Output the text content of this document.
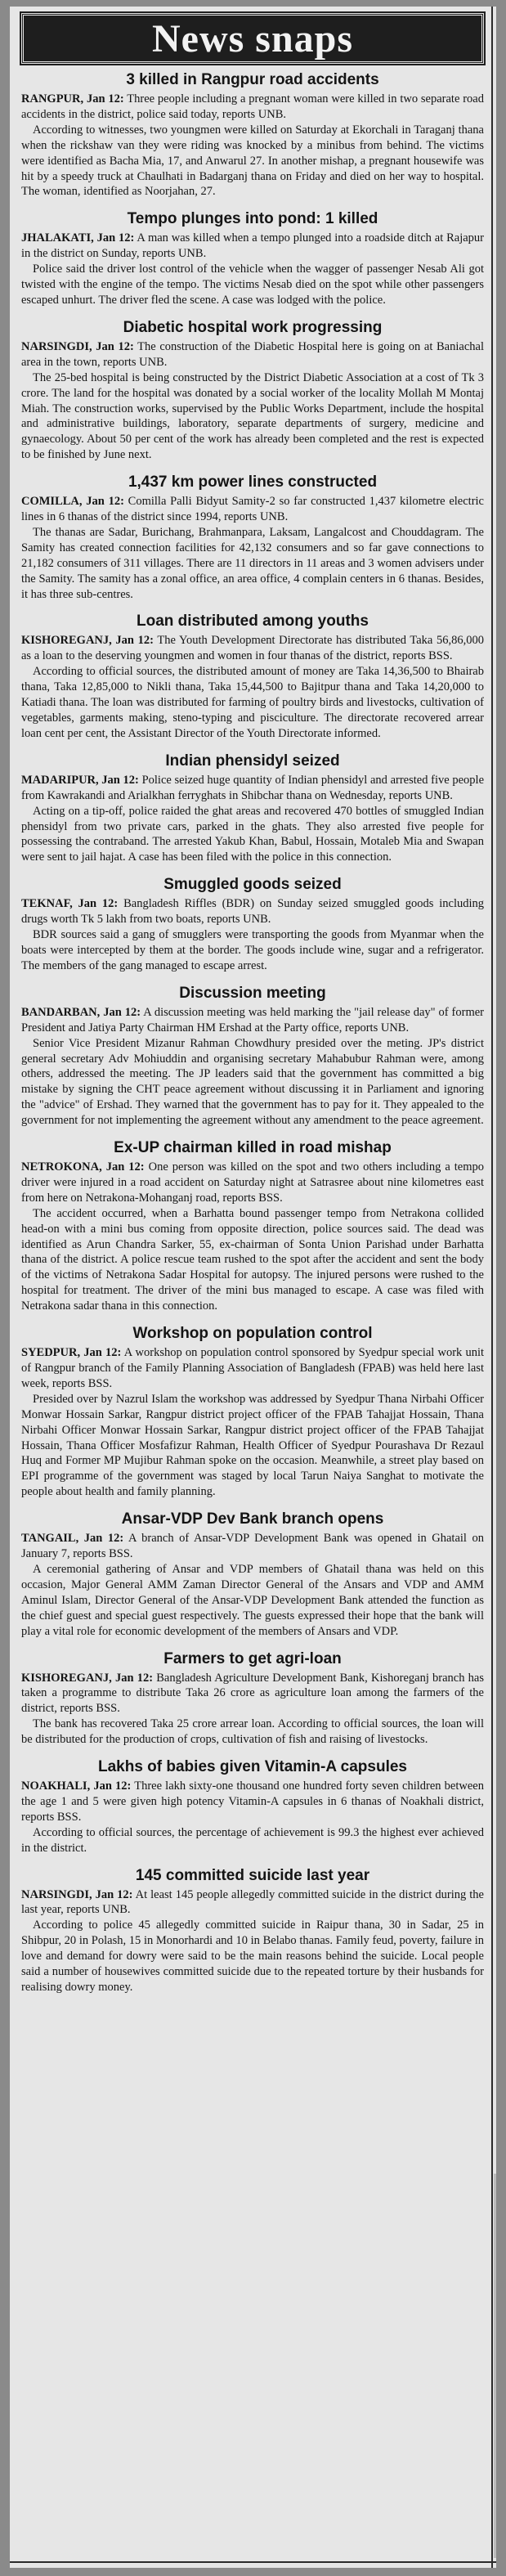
News snaps
3 killed in Rangpur road accidents

RANGPUR, Jan 12: Three people including a pregnant woman were killed in two separate road accidents in the district, police said today, reports UNB.

According to witnesses, two youngmen were killed on Saturday at Ekorchali in Taraganj thana when the rickshaw van they were riding was knocked by a minibus from behind. The victims were identified as Bacha Mia, 17, and Anwarul 27. In another mishap, a pregnant housewife was hit by a speedy truck at Chaulhati in Badarganj thana on Friday and died on her way to hospital. The woman, identified as Noorjahan, 27.

Tempo plunges into pond: 1 killed

JHALAKATI, Jan 12: A man was killed when a tempo plunged into a roadside ditch at Rajapur in the district on Sunday, reports UNB.

Police said the driver lost control of the vehicle when the wagger of passenger Nesab Ali got twisted with the engine of the tempo. The victims Nesab died on the spot while other passengers escaped unhurt. The driver fled the scene. A case was lodged with the police.

Diabetic hospital work progressing

NARSINGDI, Jan 12: The construction of the Diabetic Hospital here is going on at Baniachal area in the town, reports UNB.

The 25-bed hospital is being constructed by the District Diabetic Association at a cost of Tk 3 crore. The land for the hospital was donated by a social worker of the locality Mollah M Montaj Miah. The construction works, supervised by the Public Works Department, include the hospital and administrative buildings, laboratory, separate departments of surgery, medicine and gynaecology. About 50 per cent of the work has already been completed and the rest is expected to be finished by June next.

1,437 km power lines constructed

COMILLA, Jan 12: Comilla Palli Bidyut Samity-2 so far constructed 1,437 kilometre electric lines in 6 thanas of the district since 1994, reports UNB.

The thanas are Sadar, Burichang, Brahmanpara, Laksam, Langalcost and Chouddagram. The Samity has created connection facilities for 42,132 consumers and so far gave connections to 21,182 consumers of 311 villages. There are 11 directors in 11 areas and 3 women advisers under the Samity. The samity has a zonal office, an area office, 4 complain centers in 6 thanas. Besides, it has three sub-centres.

Loan distributed among youths

KISHOREGANJ, Jan 12: The Youth Development Directorate has distributed Taka 56,86,000 as a loan to the deserving youngmen and women in four thanas of the district, reports BSS.

According to official sources, the distributed amount of money are Taka 14,36,500 to Bhairab thana, Taka 12,85,000 to Nikli thana, Taka 15,44,500 to Bajitpur thana and Taka 14,20,000 to Katiadi thana. The loan was distributed for farming of poultry birds and livestocks, cultivation of vegetables, garments making, steno-typing and pisciculture. The directorate recovered arrear loan cent per cent, the Assistant Director of the Youth Directorate informed.

Indian phensidyl seized

MADARIPUR, Jan 12: Police seized huge quantity of Indian phensidyl and arrested five people from Kawrakandi and Arialkhan ferryghats in Shibchar thana on Wednesday, reports UNB.

Acting on a tip-off, police raided the ghat areas and recovered 470 bottles of smuggled Indian phensidyl from two private cars, parked in the ghats. They also arrested five people for possessing the contraband. The arrested Yakub Khan, Babul, Hossain, Motaleb Mia and Swapan were sent to jail hajat. A case has been filed with the police in this connection.

Smuggled goods seized

TEKNAF, Jan 12: Bangladesh Riffles (BDR) on Sunday seized smuggled goods including drugs worth Tk 5 lakh from two boats, reports UNB.

BDR sources said a gang of smugglers were transporting the goods from Myanmar when the boats were intercepted by them at the border. The goods include wine, sugar and a refrigerator. The members of the gang managed to escape arrest.

Discussion meeting

BANDARBAN, Jan 12: A discussion meeting was held marking the "jail release day" of former President and Jatiya Party Chairman HM Ershad at the Party office, reports UNB.

Senior Vice President Mizanur Rahman Chowdhury presided over the meting. JP's district general secretary Adv Mohiuddin and organising secretary Mahabubur Rahman were, among others, addressed the meeting. The JP leaders said that the government has committed a big mistake by signing the CHT peace agreement without discussing it in Parliament and ignoring the "advice" of Ershad. They warned that the government has to pay for it. They appealed to the government for not implementing the agreement without any amendment to the peace agreement.

Ex-UP chairman killed in road mishap

NETROKONA, Jan 12: One person was killed on the spot and two others including a tempo driver were injured in a road accident on Saturday night at Satrasree about nine kilometres east from here on Netrakona-Mohanganj road, reports BSS.

The accident occurred, when a Barhatta bound passenger tempo from Netrakona collided head-on with a mini bus coming from opposite direction, police sources said. The dead was identified as Arun Chandra Sarker, 55, ex-chairman of Sonta Union Parishad under Barhatta thana of the district. A police rescue team rushed to the spot after the accident and sent the body of the victims of Netrakona Sadar Hospital for autopsy. The injured persons were rushed to the hospital for treatment. The driver of the mini bus managed to escape. A case was filed with Netrakona sadar thana in this connection.

Workshop on population control

SYEDPUR, Jan 12: A workshop on population control sponsored by Syedpur special work unit of Rangpur branch of the Family Planning Association of Bangladesh (FPAB) was held here last week, reports BSS.

Presided over by Nazrul Islam the workshop was addressed by Syedpur Thana Nirbahi Officer Monwar Hossain Sarkar, Rangpur district project officer of the FPAB Tahajjat Hossain, Thana Nirbahi Officer Monwar Hossain Sarkar, Rangpur district project officer of the FPAB Tahajjat Hossain, Thana Officer Mosfafizur Rahman, Health Officer of Syedpur Pourashava Dr Rezaul Huq and Former MP Mujibur Rahman spoke on the occasion. Meanwhile, a street play based on EPI programme of the government was staged by local Tarun Naiya Sanghat to motivate the people about health and family planning.

Ansar-VDP Dev Bank branch opens

TANGAIL, Jan 12: A branch of Ansar-VDP Development Bank was opened in Ghatail on January 7, reports BSS.

A ceremonial gathering of Ansar and VDP members of Ghatail thana was held on this occasion, Major General AMM Zaman Director General of the Ansars and VDP and AMM Aminul Islam, Director General of the Ansar-VDP Development Bank attended the function as the chief guest and special guest respectively. The guests expressed their hope that the bank will play a vital role for economic development of the members of Ansars and VDP.

Farmers to get agri-loan

KISHOREGANJ, Jan 12: Bangladesh Agriculture Development Bank, Kishoreganj branch has taken a programme to distribute Taka 26 crore as agriculture loan among the farmers of the district, reports BSS.

The bank has recovered Taka 25 crore arrear loan. According to official sources, the loan will be distributed for the production of crops, cultivation of fish and raising of livestocks.

Lakhs of babies given Vitamin-A capsules

NOAKHALI, Jan 12: Three lakh sixty-one thousand one hundred forty seven children between the age 1 and 5 were given high potency Vitamin-A capsules in 6 thanas of Noakhali district, reports BSS.

According to official sources, the percentage of achievement is 99.3 the highest ever achieved in the district.

145 committed suicide last year

NARSINGDI, Jan 12: At least 145 people allegedly committed suicide in the district during the last year, reports UNB.

According to police 45 allegedly committed suicide in Raipur thana, 30 in Sadar, 25 in Shibpur, 20 in Polash, 15 in Monorhardi and 10 in Belabo thanas. Family feud, poverty, failure in love and demand for dowry were said to be the main reasons behind the suicide. Local people said a number of housewives committed suicide due to the repeated torture by their husbands for realising dowry money.
